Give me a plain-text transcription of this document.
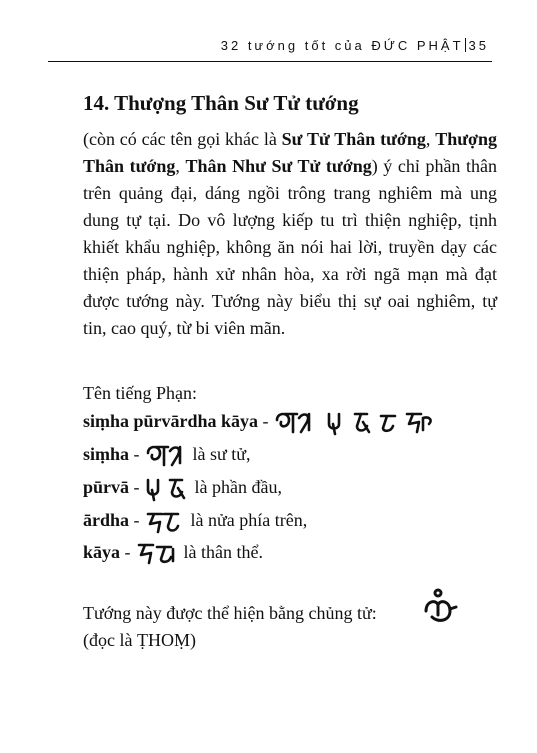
32 tướng tốt của ĐỨC PHẬT 35
14. Thượng Thân Sư Tử tướng

(còn có các tên gọi khác là Sư Tử Thân tướng, Thượng Thân tướng, Thân Như Sư Tử tướng) ý chỉ phần thân trên quảng đại, dáng ngồi trông trang nghiêm mà ung dung tự tại. Do vô lượng kiếp tu trì thiện nghiệp, tịnh khiết khẩu nghiệp, không ăn nói hai lời, truyền dạy các thiện pháp, hành xử nhân hòa, xa rời ngã mạn mà đạt được tướng này. Tướng này biểu thị sự oai nghiêm, tự tin, cao quý, từ bi viên mãn.

Tên tiếng Phạn:
siṃha pūrvārdha kāya -
siṃha -	là sư tử,
pūrvā -	là phần đầu,
ārdha -	là nửa phía trên,
kāya -	là thân thể.
Tướng này được thể hiện bằng chủng tử:
(đọc là ṬHOṂ)
